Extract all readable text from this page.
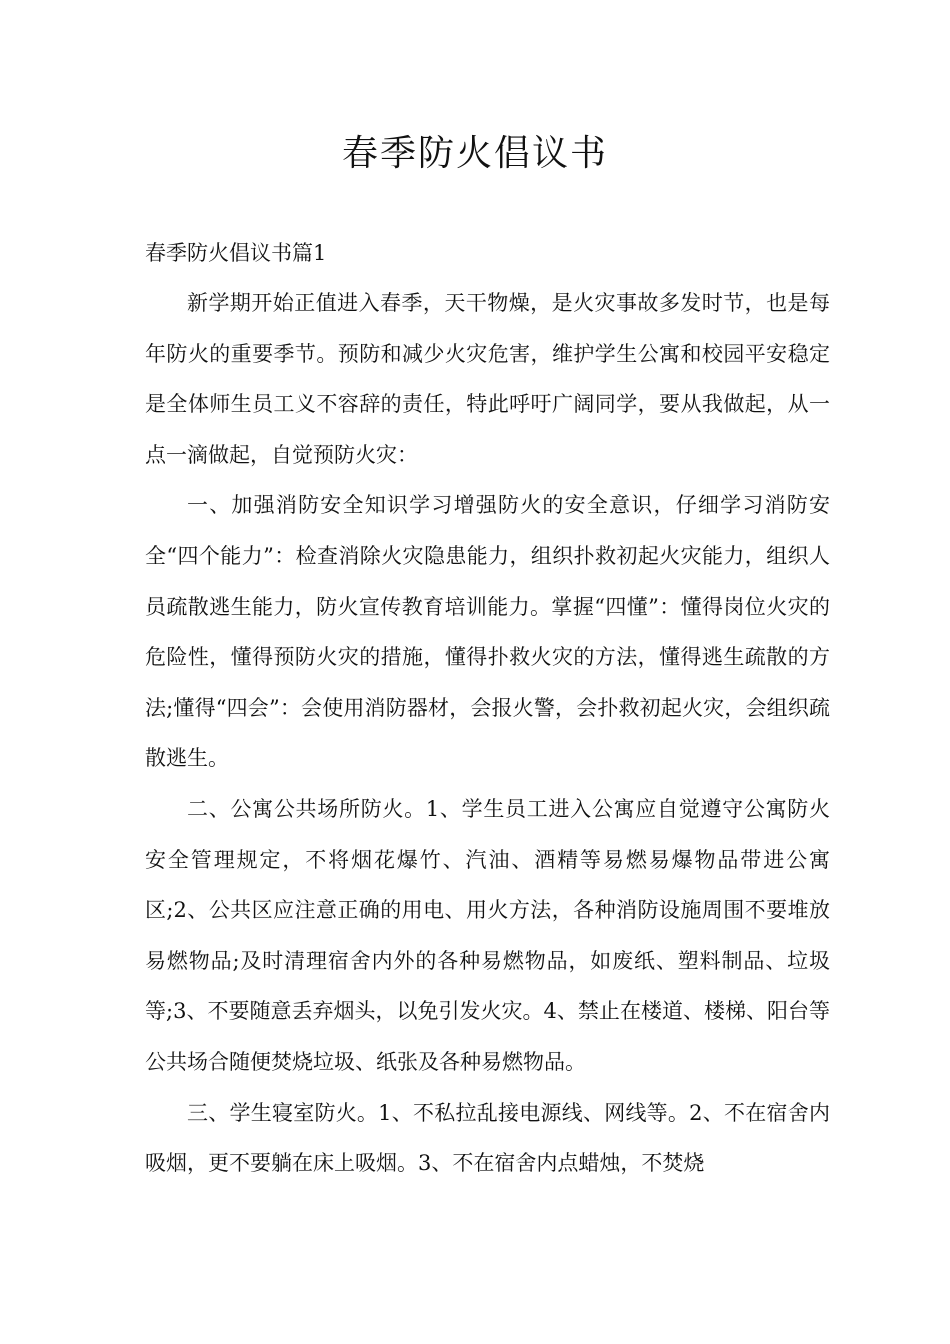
春季防火倡议书

春季防火倡议书篇1

新学期开始正值进入春季，天干物燥，是火灾事故多发时节，也是每年防火的重要季节。预防和减少火灾危害，维护学生公寓和校园平安稳定是全体师生员工义不容辞的责任，特此呼吁广阔同学，要从我做起，从一点一滴做起，自觉预防火灾：

一、加强消防安全知识学习增强防火的安全意识，仔细学习消防安全“四个能力”：检查消除火灾隐患能力，组织扑救初起火灾能力，组织人员疏散逃生能力，防火宣传教育培训能力。掌握“四懂”：懂得岗位火灾的危险性，懂得预防火灾的措施，懂得扑救火灾的方法，懂得逃生疏散的方法;懂得“四会”：会使用消防器材，会报火警，会扑救初起火灾，会组织疏散逃生。

二、公寓公共场所防火。1、学生员工进入公寓应自觉遵守公寓防火安全管理规定，不将烟花爆竹、汽油、酒精等易燃易爆物品带进公寓区;2、公共区应注意正确的用电、用火方法，各种消防设施周围不要堆放易燃物品;及时清理宿舍内外的各种易燃物品，如废纸、塑料制品、垃圾等;3、不要随意丢弃烟头，以免引发火灾。4、禁止在楼道、楼梯、阳台等公共场合随便焚烧垃圾、纸张及各种易燃物品。

三、学生寝室防火。1、不私拉乱接电源线、网线等。2、不在宿舍内吸烟，更不要躺在床上吸烟。3、不在宿舍内点蜡烛，不焚烧
